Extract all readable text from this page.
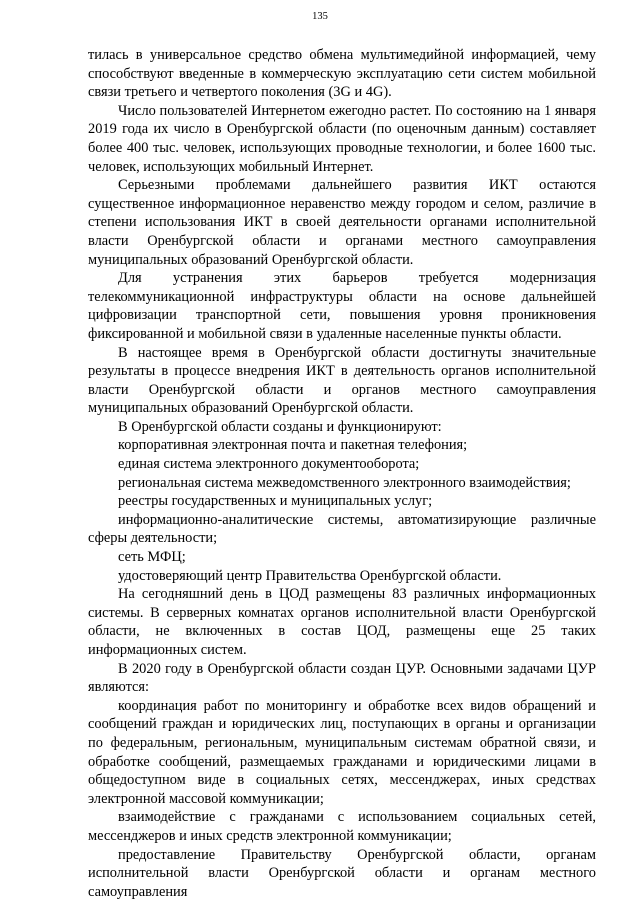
135

тилась в универсальное средство обмена мультимедийной информацией, чему способствуют введенные в коммерческую эксплуатацию сети систем мобильной связи третьего и четвертого поколения (3G и 4G).

Число пользователей Интернетом ежегодно растет. По состоянию на 1 января 2019 года их число в Оренбургской области (по оценочным данным) составляет более 400 тыс. человек, использующих проводные технологии, и более 1600 тыс. человек, использующих мобильный Интернет.

Серьезными проблемами дальнейшего развития ИКТ остаются существенное информационное неравенство между городом и селом, различие в степени использования ИКТ в своей деятельности органами исполнительной власти Оренбургской области и органами местного самоуправления муниципальных образований Оренбургской области.

Для устранения этих барьеров требуется модернизация телекоммуникационной инфраструктуры области на основе дальнейшей цифровизации транспортной сети, повышения уровня проникновения фиксированной и мобильной связи в удаленные населенные пункты области.

В настоящее время в Оренбургской области достигнуты значительные результаты в процессе внедрения ИКТ в деятельность органов исполнительной власти Оренбургской области и органов местного самоуправления муниципальных образований Оренбургской области.

В Оренбургской области созданы и функционируют:

корпоративная электронная почта и пакетная телефония;

единая система электронного документооборота;

региональная система межведомственного электронного взаимодействия;

реестры государственных и муниципальных услуг;

информационно-аналитические системы, автоматизирующие различные сферы деятельности;

сеть МФЦ;

удостоверяющий центр Правительства Оренбургской области.

На сегодняшний день в ЦОД размещены 83 различных информационных системы. В серверных комнатах органов исполнительной власти Оренбургской области, не включенных в состав ЦОД, размещены еще 25 таких информационных систем.

В 2020 году в Оренбургской области создан ЦУР. Основными задачами ЦУР являются:

координация работ по мониторингу и обработке всех видов обращений и сообщений граждан и юридических лиц, поступающих в органы и организации по федеральным, региональным, муниципальным системам обратной связи, и обработке сообщений, размещаемых гражданами и юридическими лицами в общедоступном виде в социальных сетях, мессенджерах, иных средствах электронной массовой коммуникации;

взаимодействие с гражданами с использованием социальных сетей, мессенджеров и иных средств электронной коммуникации;

предоставление Правительству Оренбургской области, органам исполнительной власти Оренбургской области и органам местного самоуправления
